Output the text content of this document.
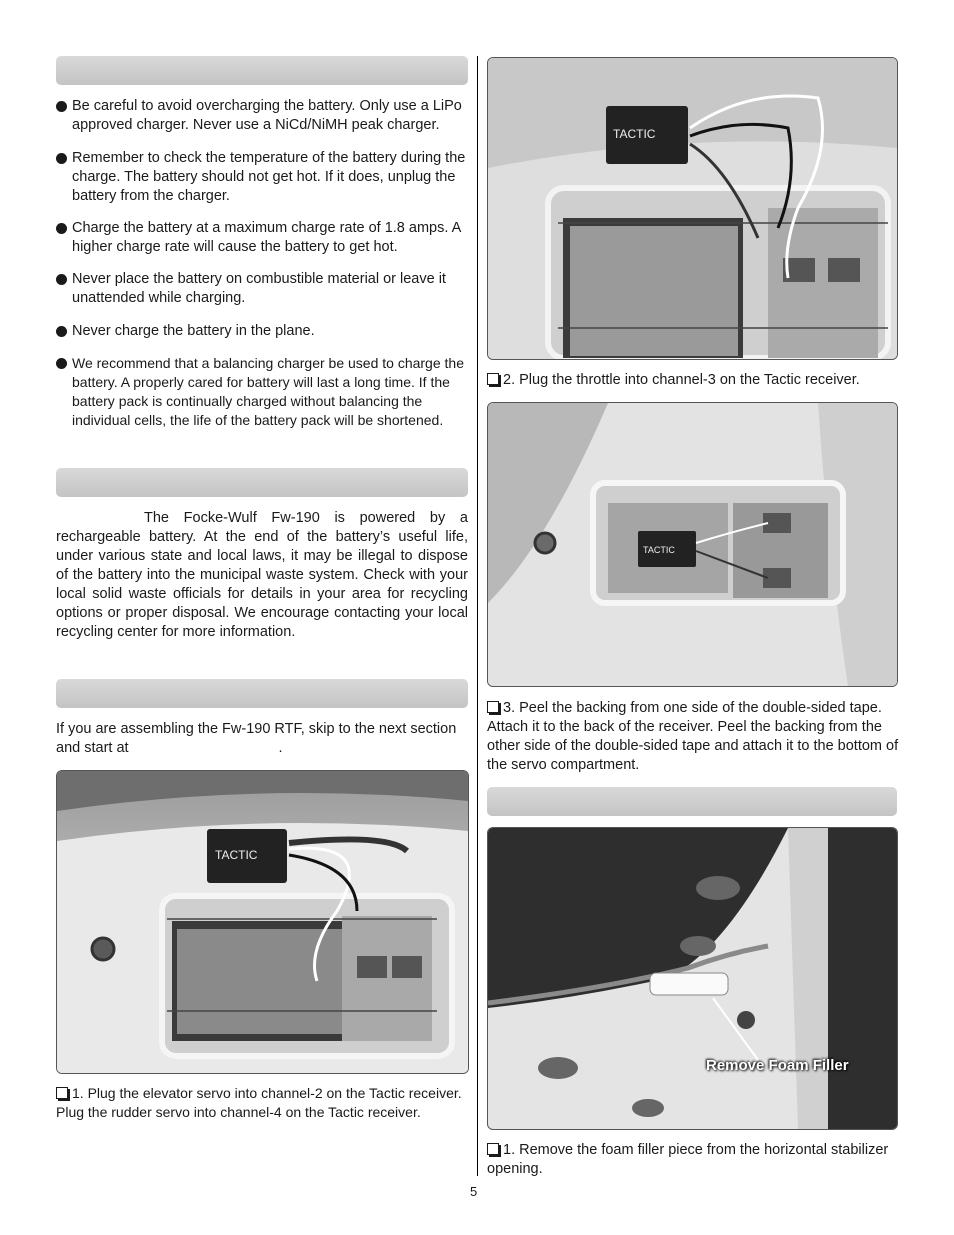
Be careful to avoid overcharging the battery. Only use a LiPo approved charger. Never use a NiCd/NiMH peak charger.
Remember to check the temperature of the battery during the charge. The battery should not get hot. If it does, unplug the battery from the charger.
Charge the battery at a maximum charge rate of 1.8 amps. A higher charge rate will cause the battery to get hot.
Never place the battery on combustible material or leave it unattended while charging.
Never charge the battery in the plane.
We recommend that a balancing charger be used to charge the battery. A properly cared for battery will last a long time. If the battery pack is continually charged without balancing the individual cells, the life of the battery pack will be shortened.
The Focke-Wulf Fw-190 is powered by a rechargeable battery. At the end of the battery’s useful life, under various state and local laws, it may be illegal to dispose of the battery into the municipal waste system. Check with your local solid waste officials for details in your area for recycling options or proper disposal. We encourage contacting your local recycling center for more information.
If you are assembling the Fw-190 RTF, skip to the next section
and start at	.
TACTIC
1. Plug the elevator servo into channel-2 on the Tactic receiver. Plug the rudder servo into channel-4 on the Tactic receiver.
TACTIC
2. Plug the throttle into channel-3 on the Tactic receiver.
TACTIC
3. Peel the backing from one side of the double-sided tape. Attach it to the back of the receiver. Peel the backing from the other side of the double-sided tape and attach it to the bottom of the servo compartment.
Remove Foam Filler
1. Remove the foam filler piece from the horizontal stabilizer opening.
5
